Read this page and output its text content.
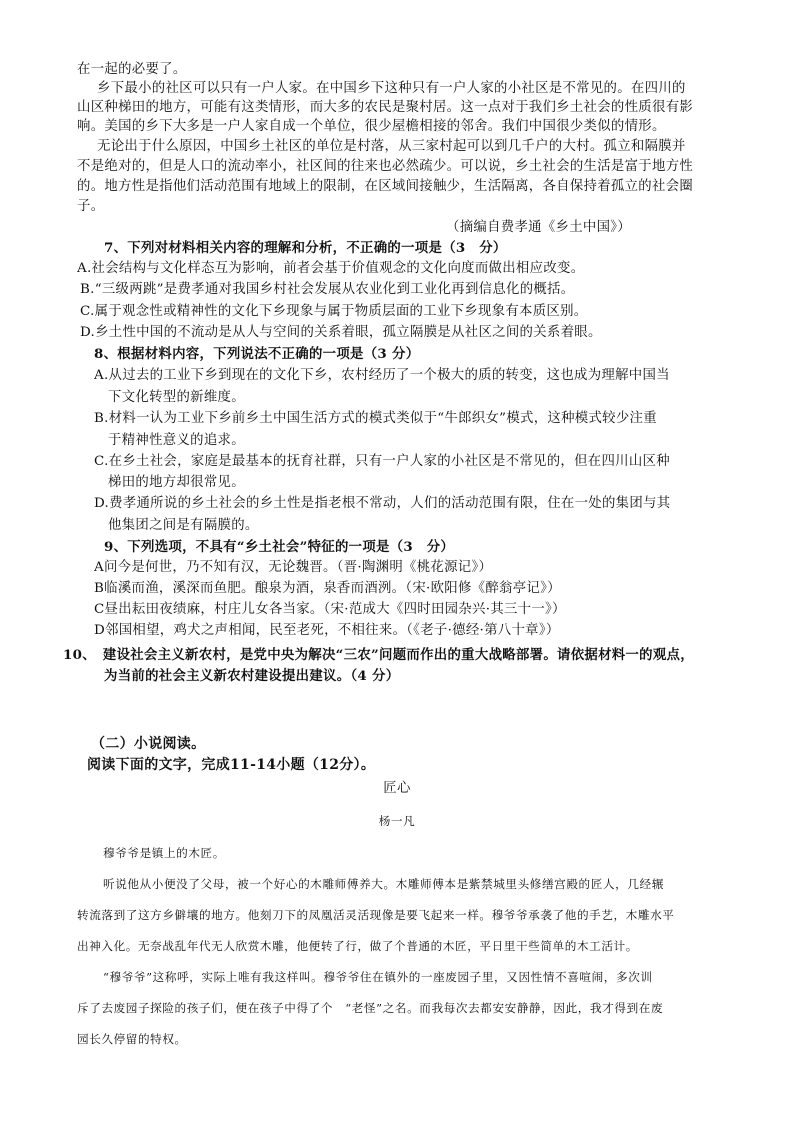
在一起的必要了。
乡下最小的社区可以只有一户人家。在中国乡下这种只有一户人家的小社区是不常见的。在四川的
山区种梯田的地方，可能有这类情形，而大多的农民是聚村居。这一点对于我们乡土社会的性质很有影
响。美国的乡下大多是一户人家自成一个单位，很少屋檐相接的邻舍。我们中国很少类似的情形。
无论出于什么原因，中国乡土社区的单位是村落，从三家村起可以到几千户的大村。孤立和隔膜并
不是绝对的，但是人口的流动率小，社区间的往来也必然疏少。可以说，乡土社会的生活是富于地方性
的。地方性是指他们活动范围有地域上的限制，在区域间接触少，生活隔离，各自保持着孤立的社会圈
子。
（摘编自费孝通《乡土中国》）
7、下列对材料相关内容的理解和分析，不正确的一项是（3　分）
A.社会结构与文化样态互为影响，前者会基于价值观念的文化向度而做出相应改变。
B.“三级两跳”是费孝通对我国乡村社会发展从农业化到工业化再到信息化的概括。
C.属于观念性或精神性的文化下乡现象与属于物质层面的工业下乡现象有本质区别。
D.乡土性中国的不流动是从人与空间的关系着眼，孤立隔膜是从社区之间的关系着眼。
8、根据材料内容，下列说法不正确的一项是（3 分）
A.从过去的工业下乡到现在的文化下乡，农村经历了一个极大的质的转变，这也成为理解中国当
下文化转型的新维度。
B.材料一认为工业下乡前乡土中国生活方式的模式类似于“牛郎织女”模式，这种模式较少注重
于精神性意义的追求。
C.在乡土社会，家庭是最基本的抚育社群，只有一户人家的小社区是不常见的，但在四川山区种
梯田的地方却很常见。
D.费孝通所说的乡土社会的乡土性是指老根不常动，人们的活动范围有限，住在一处的集团与其
他集团之间是有隔膜的。
9、下列选项，不具有“乡土社会”特征的一项是（3　分）
A问今是何世，乃不知有汉，无论魏晋。（晋·陶渊明《桃花源记》）
B临溪而渔，溪深而鱼肥。酿泉为酒，泉香而酒洌。（宋·欧阳修《醉翁亭记》）
C昼出耘田夜绩麻，村庄儿女各当家。（宋·范成大《四时田园杂兴·其三十一》）
D邻国相望，鸡犬之声相闻，民至老死，不相往来。（《老子·德经·第八十章》）
10、　建设社会主义新农村，是党中央为解决“三农”问题而作出的重大战略部署。请依据材料一的观点，
为当前的社会主义新农村建设提出建议。（4 分）
（二）小说阅读。
阅读下面的文字，完成11-14小题（12分）。
匠心
杨一凡
穆爷爷是镇上的木匠。
听说他从小便没了父母，被一个好心的木雕师傅养大。木雕师傅本是紫禁城里头修缮宫殿的匠人，几经辗
转流落到了这方乡僻壤的地方。他刻刀下的凤凰活灵活现像是要飞起来一样。穆爷爷承袭了他的手艺，木雕水平
出神入化。无奈战乱年代无人欣赏木雕，他便转了行，做了个普通的木匠，平日里干些简单的木工活计。
“穆爷爷”这称呼，实际上唯有我这样叫。穆爷爷住在镇外的一座废园子里，又因性情不喜喧闹，多次训
斥了去废园子探险的孩子们，便在孩子中得了个　“老怪”之名。而我每次去都安安静静，因此，我才得到在废
园长久停留的特权。
